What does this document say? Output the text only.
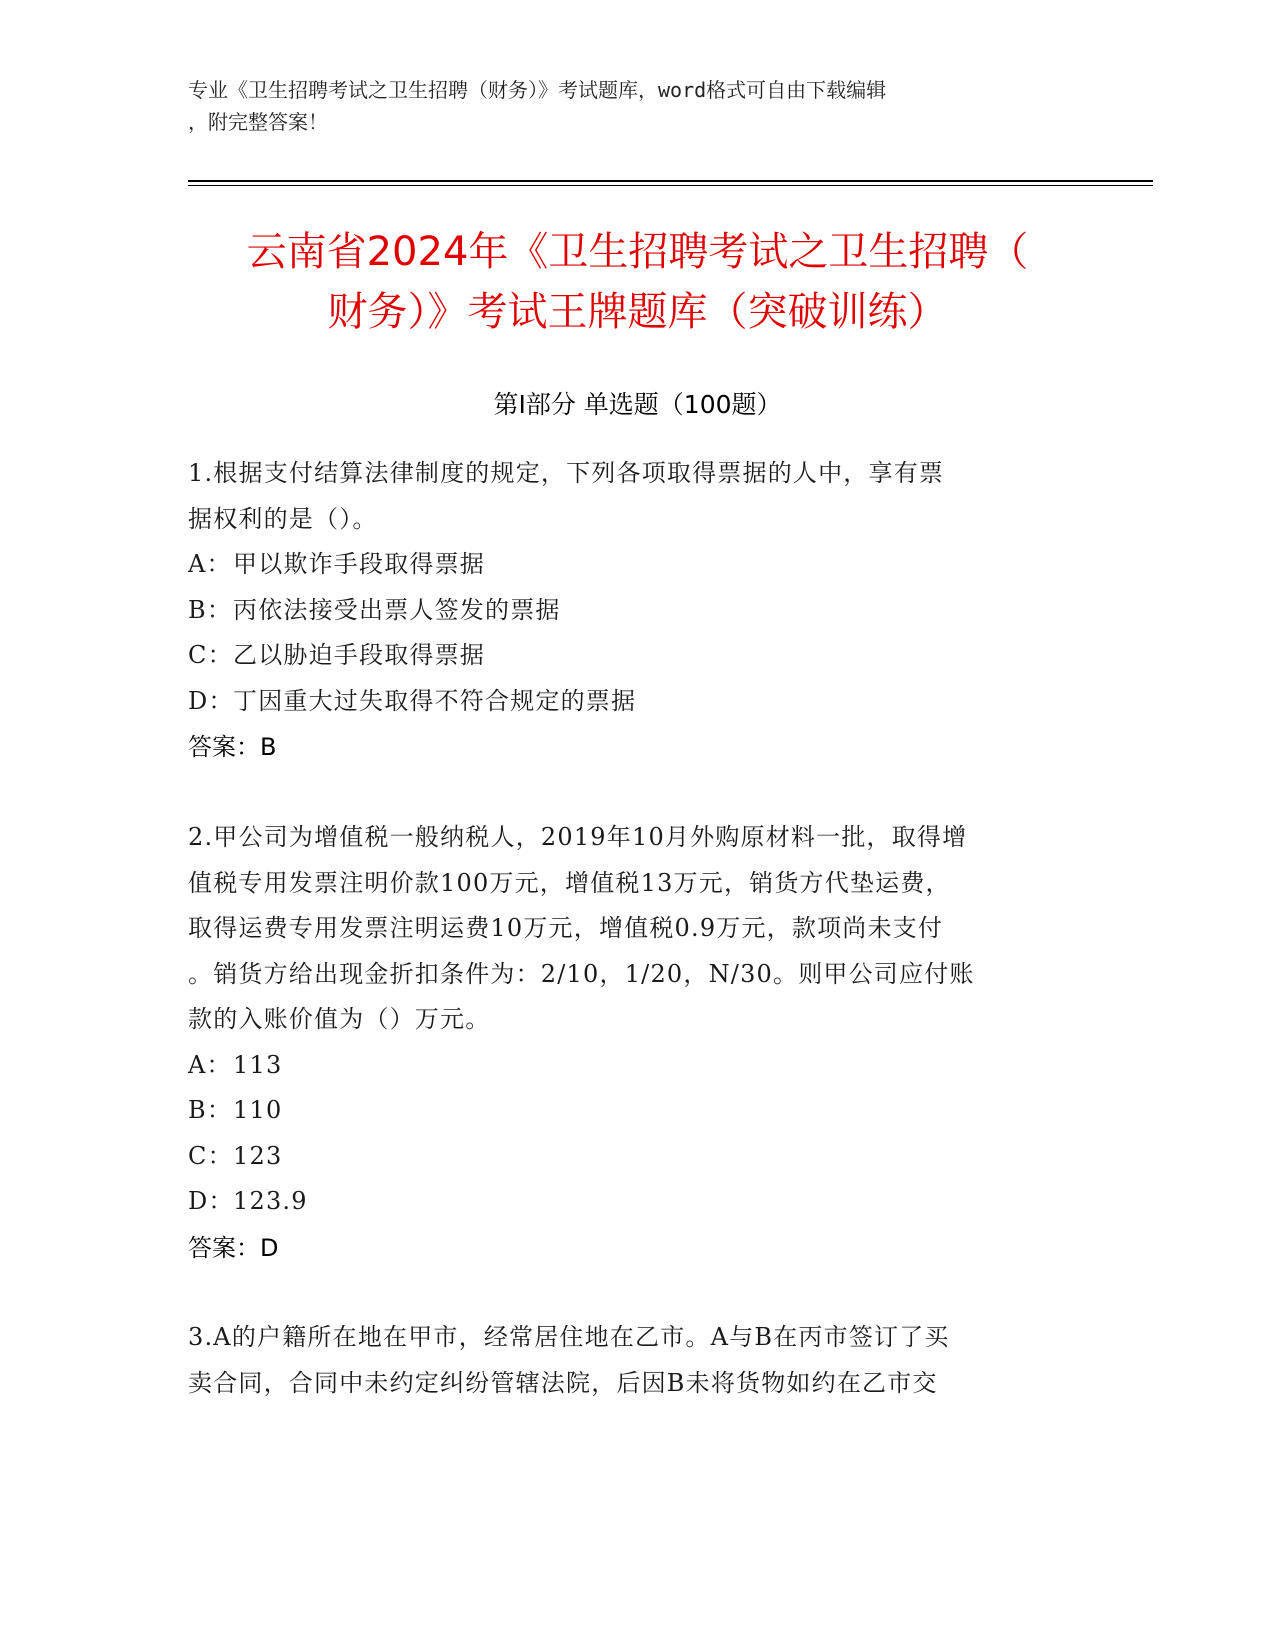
专业《卫生招聘考试之卫生招聘（财务）》考试题库，word格式可自由下载编辑
，附完整答案！
云南省2024年《卫生招聘考试之卫生招聘（
财务）》考试王牌题库（突破训练）
第Ⅰ部分 单选题（100题）

1.根据支付结算法律制度的规定，下列各项取得票据的人中，享有票
据权利的是（）。

A： 甲以欺诈手段取得票据

B： 丙依法接受出票人签发的票据

C： 乙以胁迫手段取得票据

D： 丁因重大过失取得不符合规定的票据

答案：B

2.甲公司为增值税一般纳税人，2019年10月外购原材料一批，取得增
值税专用发票注明价款100万元，增值税13万元，销货方代垫运费，
取得运费专用发票注明运费10万元，增值税0.9万元，款项尚未支付
。销货方给出现金折扣条件为：2/10，1/20，N/30。则甲公司应付账
款的入账价值为（）万元。

A： 113

B： 110

C： 123

D： 123.9

答案：D

3.A的户籍所在地在甲市，经常居住地在乙市。A与B在丙市签订了买
卖合同，合同中未约定纠纷管辖法院，后因B未将货物如约在乙市交
